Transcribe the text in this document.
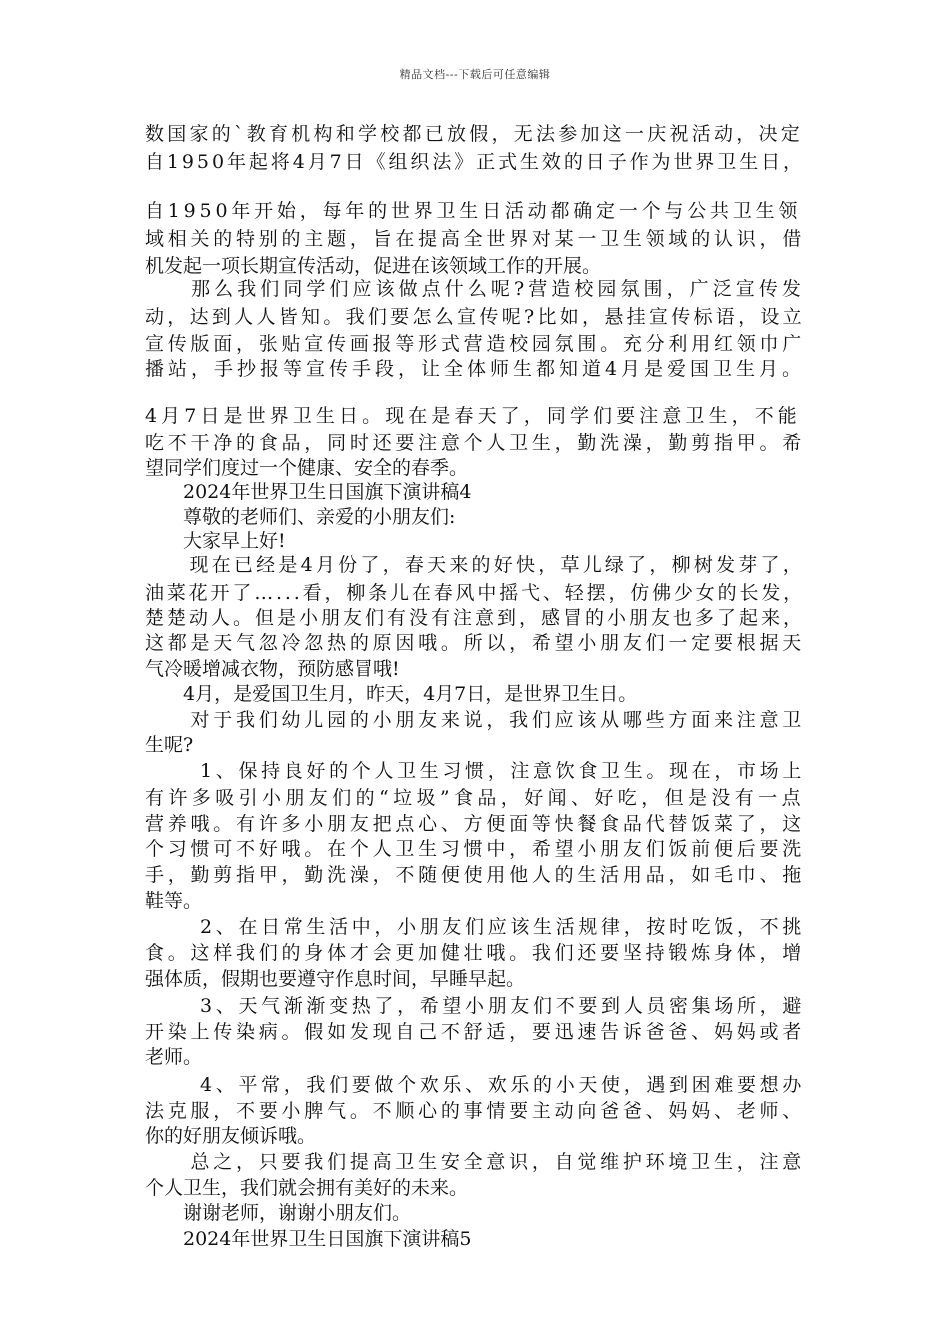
精品文档---下载后可任意编辑
数国家的`教育机构和学校都已放假，无法参加这一庆祝活动，决定
自1950年起将4月7日《组织法》正式生效的日子作为世界卫生日，
自1950年开始，每年的世界卫生日活动都确定一个与公共卫生领
域相关的特别的主题，旨在提高全世界对某一卫生领域的认识，借
机发起一项长期宣传活动，促进在该领域工作的开展。
　　那么我们同学们应该做点什么呢?营造校园氛围，广泛宣传发
动，达到人人皆知。我们要怎么宣传呢?比如，悬挂宣传标语，设立
宣传版面，张贴宣传画报等形式营造校园氛围。充分利用红领巾广
播站，手抄报等宣传手段，让全体师生都知道4月是爱国卫生月。
4月7日是世界卫生日。现在是春天了，同学们要注意卫生，不能
吃不干净的食品，同时还要注意个人卫生，勤洗澡，勤剪指甲。希
望同学们度过一个健康、安全的春季。
　　2024年世界卫生日国旗下演讲稿4
　　尊敬的老师们、亲爱的小朋友们:
　　大家早上好!
　　现在已经是4月份了，春天来的好快，草儿绿了，柳树发芽了，
油菜花开了…...看，柳条儿在春风中摇弋、轻摆，仿佛少女的长发，
楚楚动人。但是小朋友们有没有注意到，感冒的小朋友也多了起来，
这都是天气忽冷忽热的原因哦。所以，希望小朋友们一定要根据天
气冷暖增减衣物，预防感冒哦!
　　4月，是爱国卫生月，昨天，4月7日，是世界卫生日。
　　对于我们幼儿园的小朋友来说，我们应该从哪些方面来注意卫
生呢?
　　 1、保持良好的个人卫生习惯，注意饮食卫生。现在，市场上
有许多吸引小朋友们的“垃圾”食品，好闻、好吃，但是没有一点
营养哦。有许多小朋友把点心、方便面等快餐食品代替饭菜了，这
个习惯可不好哦。在个人卫生习惯中，希望小朋友们饭前便后要洗
手，勤剪指甲，勤洗澡，不随便使用他人的生活用品，如毛巾、拖
鞋等。
　　 2、在日常生活中，小朋友们应该生活规律，按时吃饭，不挑
食。这样我们的身体才会更加健壮哦。我们还要坚持锻炼身体，增
强体质，假期也要遵守作息时间，早睡早起。
　　 3、天气渐渐变热了，希望小朋友们不要到人员密集场所，避
开染上传染病。假如发现自己不舒适，要迅速告诉爸爸、妈妈或者
老师。
　　 4、平常，我们要做个欢乐、欢乐的小天使，遇到困难要想办
法克服，不要小脾气。不顺心的事情要主动向爸爸、妈妈、老师、
你的好朋友倾诉哦。
　　总之，只要我们提高卫生安全意识，自觉维护环境卫生，注意
个人卫生，我们就会拥有美好的未来。
　　谢谢老师，谢谢小朋友们。
　　2024年世界卫生日国旗下演讲稿5
